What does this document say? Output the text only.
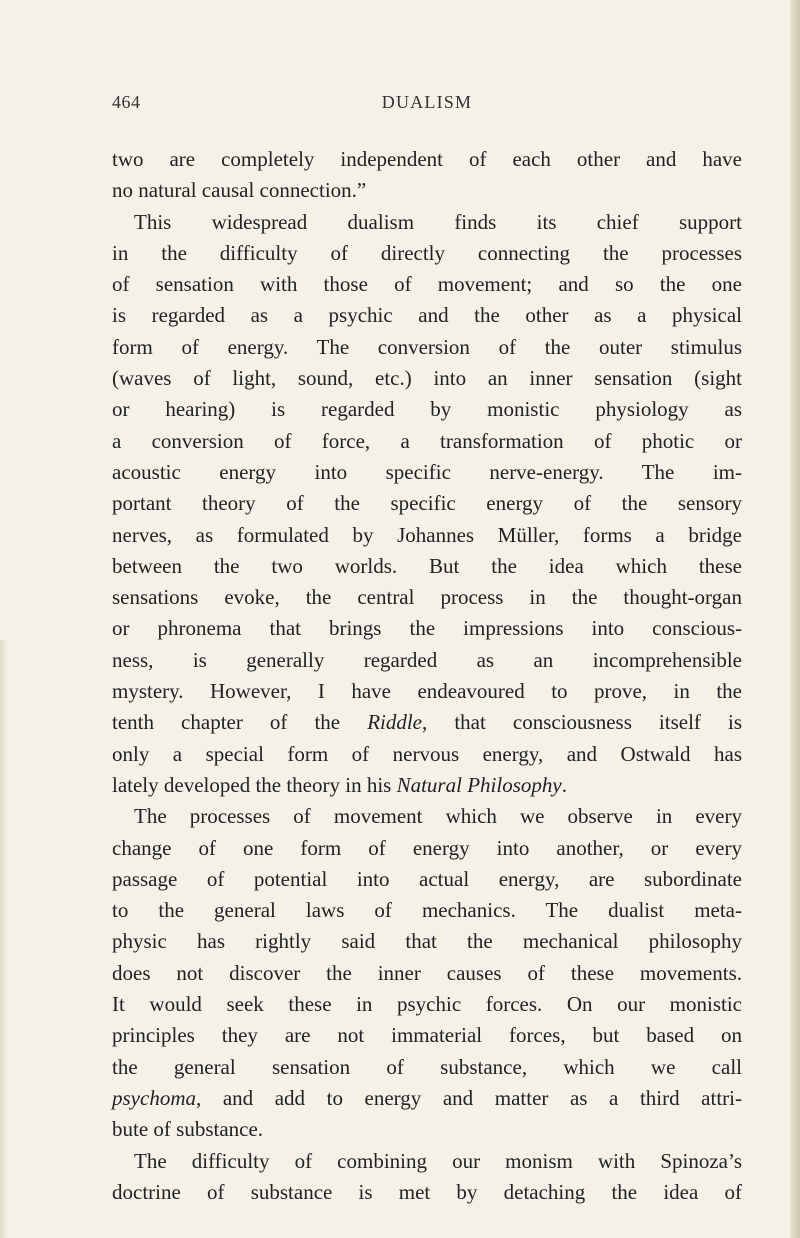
464	DUALISM
two are completely independent of each other and have
no natural causal connection.”
This widespread dualism finds its chief support
in the difficulty of directly connecting the processes
of sensation with those of movement; and so the one
is regarded as a psychic and the other as a physical
form of energy. The conversion of the outer stimulus
(waves of light, sound, etc.) into an inner sensation (sight
or hearing) is regarded by monistic physiology as
a conversion of force, a transformation of photic or
acoustic energy into specific nerve-energy. The im-
portant theory of the specific energy of the sensory
nerves, as formulated by Johannes Müller, forms a bridge
between the two worlds. But the idea which these
sensations evoke, the central process in the thought-organ
or phronema that brings the impressions into conscious-
ness, is generally regarded as an incomprehensible
mystery. However, I have endeavoured to prove, in the
tenth chapter of the Riddle, that consciousness itself is
only a special form of nervous energy, and Ostwald has
lately developed the theory in his Natural Philosophy.
The processes of movement which we observe in every
change of one form of energy into another, or every
passage of potential into actual energy, are subordinate
to the general laws of mechanics. The dualist meta-
physic has rightly said that the mechanical philosophy
does not discover the inner causes of these movements.
It would seek these in psychic forces. On our monistic
principles they are not immaterial forces, but based on
the general sensation of substance, which we call
psychoma, and add to energy and matter as a third attri-
bute of substance.
The difficulty of combining our monism with Spinoza’s
doctrine of substance is met by detaching the idea of
